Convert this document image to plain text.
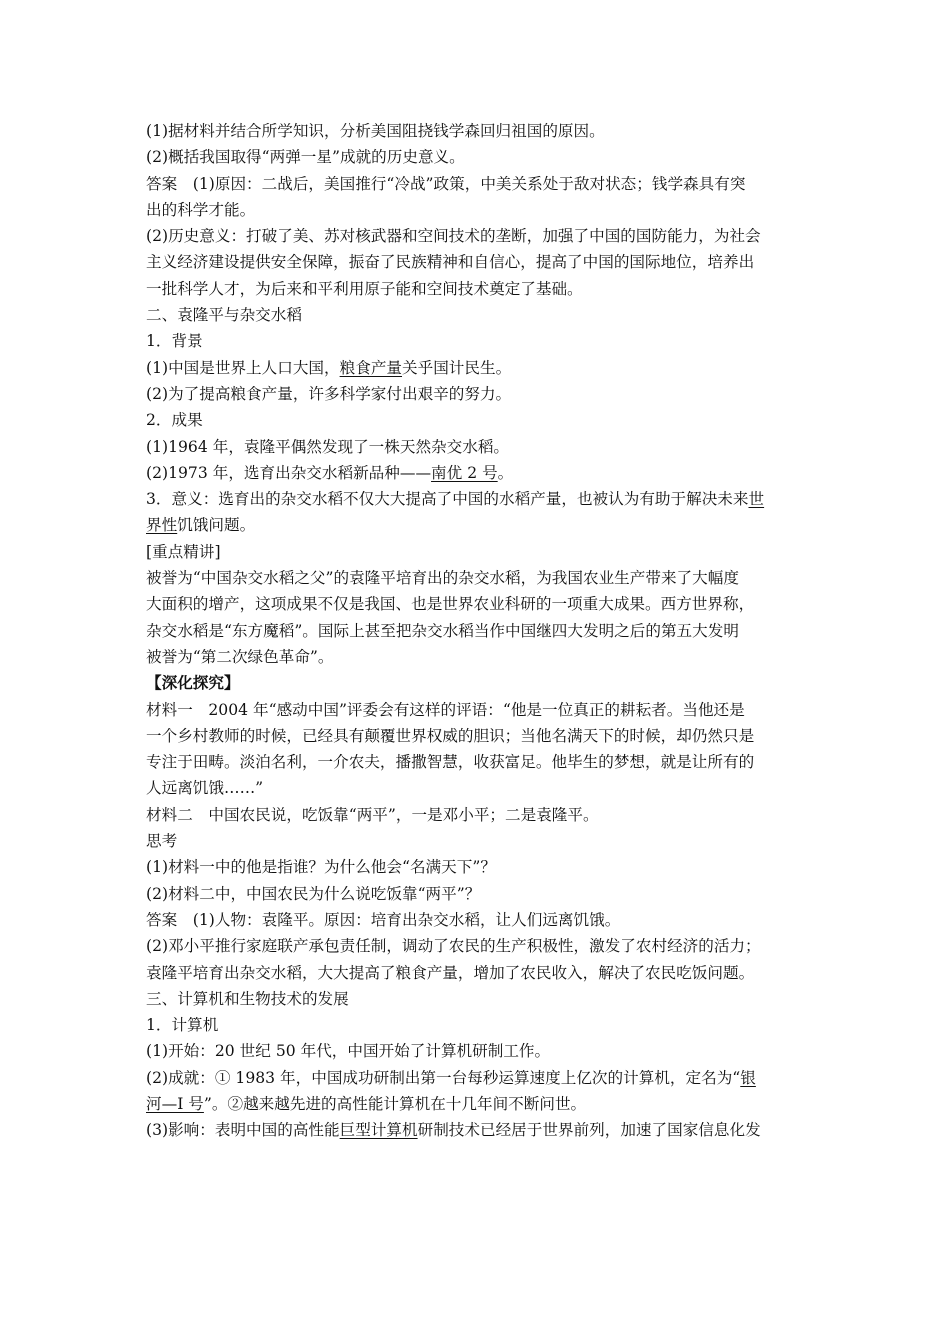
(1)据材料并结合所学知识，分析美国阻挠钱学森回归祖国的原因。
(2)概括我国取得“两弹一星”成就的历史意义。
答案　(1)原因：二战后，美国推行“冷战”政策，中美关系处于敌对状态；钱学森具有突
出的科学才能。
(2)历史意义：打破了美、苏对核武器和空间技术的垄断，加强了中国的国防能力，为社会
主义经济建设提供安全保障，振奋了民族精神和自信心，提高了中国的国际地位，培养出
一批科学人才，为后来和平利用原子能和空间技术奠定了基础。
二、袁隆平与杂交水稻
1．背景
(1)中国是世界上人口大国，粮食产量关乎国计民生。
(2)为了提高粮食产量，许多科学家付出艰辛的努力。
2．成果
(1)1964 年，袁隆平偶然发现了一株天然杂交水稻。
(2)1973 年，选育出杂交水稻新品种——南优 2 号。
3．意义：选育出的杂交水稻不仅大大提高了中国的水稻产量，也被认为有助于解决未来世
界性饥饿问题。
[重点精讲]
被誉为“中国杂交水稻之父”的袁隆平培育出的杂交水稻，为我国农业生产带来了大幅度
大面积的增产，这项成果不仅是我国、也是世界农业科研的一项重大成果。西方世界称，
杂交水稻是“东方魔稻”。国际上甚至把杂交水稻当作中国继四大发明之后的第五大发明
被誉为“第二次绿色革命”。
【深化探究】
材料一　2004 年“感动中国”评委会有这样的评语：“他是一位真正的耕耘者。当他还是
一个乡村教师的时候，已经具有颠覆世界权威的胆识；当他名满天下的时候，却仍然只是
专注于田畴。淡泊名利，一介农夫，播撒智慧，收获富足。他毕生的梦想，就是让所有的
人远离饥饿……”
材料二　中国农民说，吃饭靠“两平”，一是邓小平；二是袁隆平。
思考
(1)材料一中的他是指谁？为什么他会“名满天下”？
(2)材料二中，中国农民为什么说吃饭靠“两平”？
答案　(1)人物：袁隆平。原因：培育出杂交水稻，让人们远离饥饿。
(2)邓小平推行家庭联产承包责任制，调动了农民的生产积极性，激发了农村经济的活力；
袁隆平培育出杂交水稻，大大提高了粮食产量，增加了农民收入，解决了农民吃饭问题。
三、计算机和生物技术的发展
1．计算机
(1)开始：20 世纪 50 年代，中国开始了计算机研制工作。
(2)成就：① 1983 年，中国成功研制出第一台每秒运算速度上亿次的计算机，定名为“银
河—I 号”。②越来越先进的高性能计算机在十几年间不断问世。
(3)影响：表明中国的高性能巨型计算机研制技术已经居于世界前列，加速了国家信息化发
